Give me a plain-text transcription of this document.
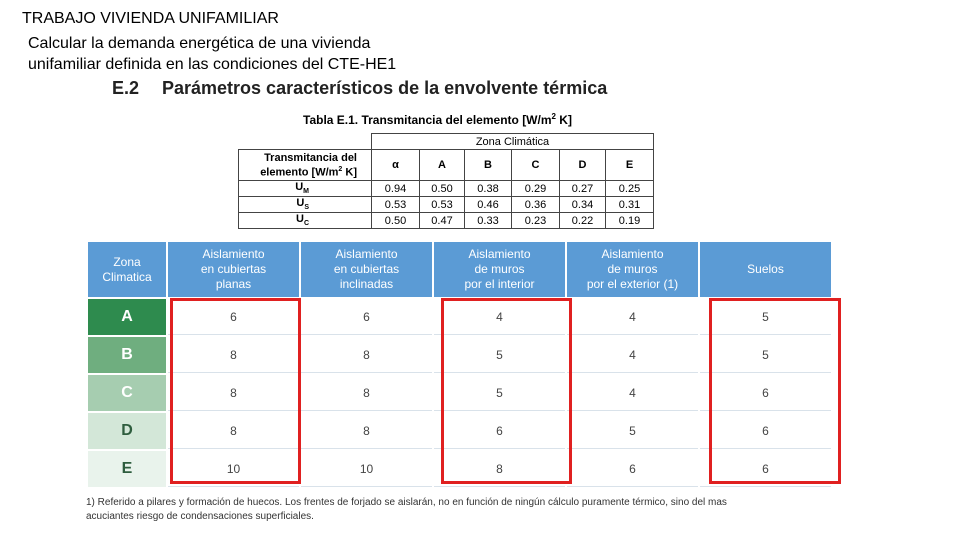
TRABAJO VIVIENDA UNIFAMILIAR
Calcular la demanda energética de una vivienda
unifamiliar definida en las condiciones del CTE-HE1
E.2 Parámetros característicos de la envolvente térmica
Tabla E.1. Transmitancia del elemento [$W/m^2$ K]
	Zona Climática					
Transmitancia del
elemento [$W/m^2$ K]	α	A	B	C	D	E
$U_M$	0.94	0.50	0.38	0.29	0.27	0.25
$U_S$	0.53	0.53	0.46	0.36	0.34	0.31
$U_C$	0.50	0.47	0.33	0.23	0.22	0.19
Zona
Climatica	Aislamiento
en cubiertas
planas	Aislamiento
en cubiertas
inclinadas	Aislamiento
de muros
por el interior	Aislamiento
de muros
por el exterior (1)	Suelos
A	6	6	4	4	5
B	8	8	5	4	5
C	8	8	5	4	6
D	8	8	6	5	6
E	10	10	8	6	6
1) Referido a pilares y formación de huecos. Los frentes de forjado se aislarán, no en función de ningún cálculo puramente térmico, sino del mas
acuciantes riesgo de condensaciones superficiales.
